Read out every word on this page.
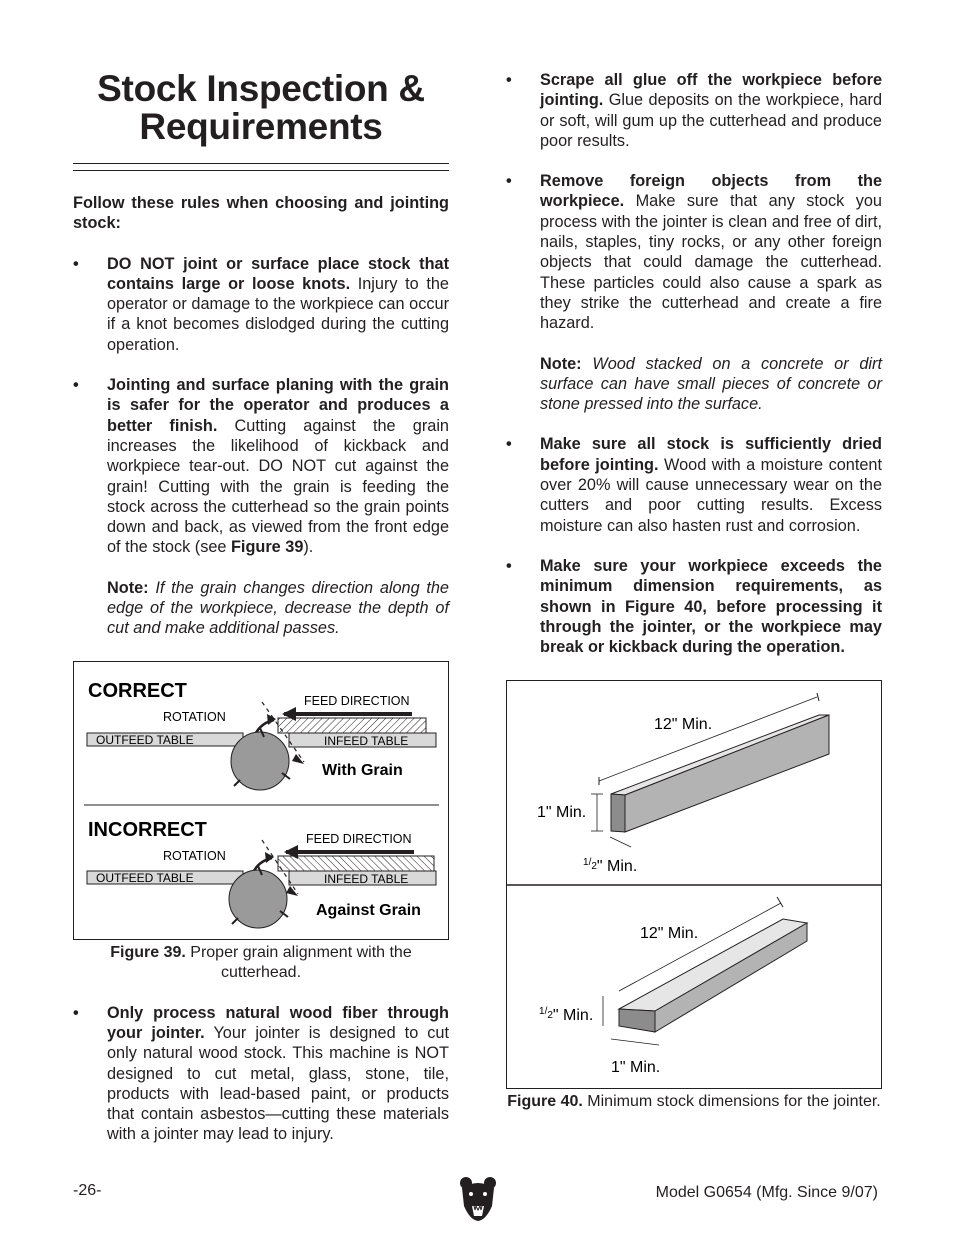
Stock Inspection &
Requirements
Follow these rules when choosing and jointing stock:
• DO NOT joint or surface place stock that contains large or loose knots. Injury to the operator or damage to the workpiece can occur if a knot becomes dislodged during the cutting operation.
• Jointing and surface planing with the grain is safer for the operator and produces a better finish. Cutting against the grain increases the likelihood of kickback and workpiece tear-out. DO NOT cut against the grain! Cutting with the grain is feeding the stock across the cutterhead so the grain points down and back, as viewed from the front edge of the stock (see Figure 39).
Note: If the grain changes direction along the edge of the workpiece, decrease the depth of cut and make additional passes.
CORRECT	FEED DIRECTION
ROTATION
OUTFEED TABLE	INFEED TABLE
With Grain
INCORRECT	FEED DIRECTION
ROTATION
OUTFEED TABLE	INFEED TABLE
Against Grain
Figure 39. Proper grain alignment with the cutterhead.
• Only process natural wood fiber through your jointer. Your jointer is designed to cut only natural wood stock. This machine is NOT designed to cut metal, glass, stone, tile, products with lead-based paint, or products that contain asbestos—cutting these materials with a jointer may lead to injury.
• Scrape all glue off the workpiece before jointing. Glue deposits on the workpiece, hard or soft, will gum up the cutterhead and produce poor results.
• Remove foreign objects from the workpiece. Make sure that any stock you process with the jointer is clean and free of dirt, nails, staples, tiny rocks, or any other foreign objects that could damage the cutterhead. These particles could also cause a spark as they strike the cutterhead and create a fire hazard.
Note: Wood stacked on a concrete or dirt surface can have small pieces of concrete or stone pressed into the surface.
• Make sure all stock is sufficiently dried before jointing. Wood with a moisture content over 20% will cause unnecessary wear on the cutters and poor cutting results. Excess moisture can also hasten rust and corrosion.
• Make sure your workpiece exceeds the minimum dimension requirements, as shown in Figure 40, before processing it through the jointer, or the workpiece may break or kickback during the operation.
12" Min.
1" Min.
$^1/_2$" Min.
12" Min.
$^1/_2$" Min.
1" Min.
Figure 40. Minimum stock dimensions for the jointer.
-26-	Model G0654 (Mfg. Since 9/07)
